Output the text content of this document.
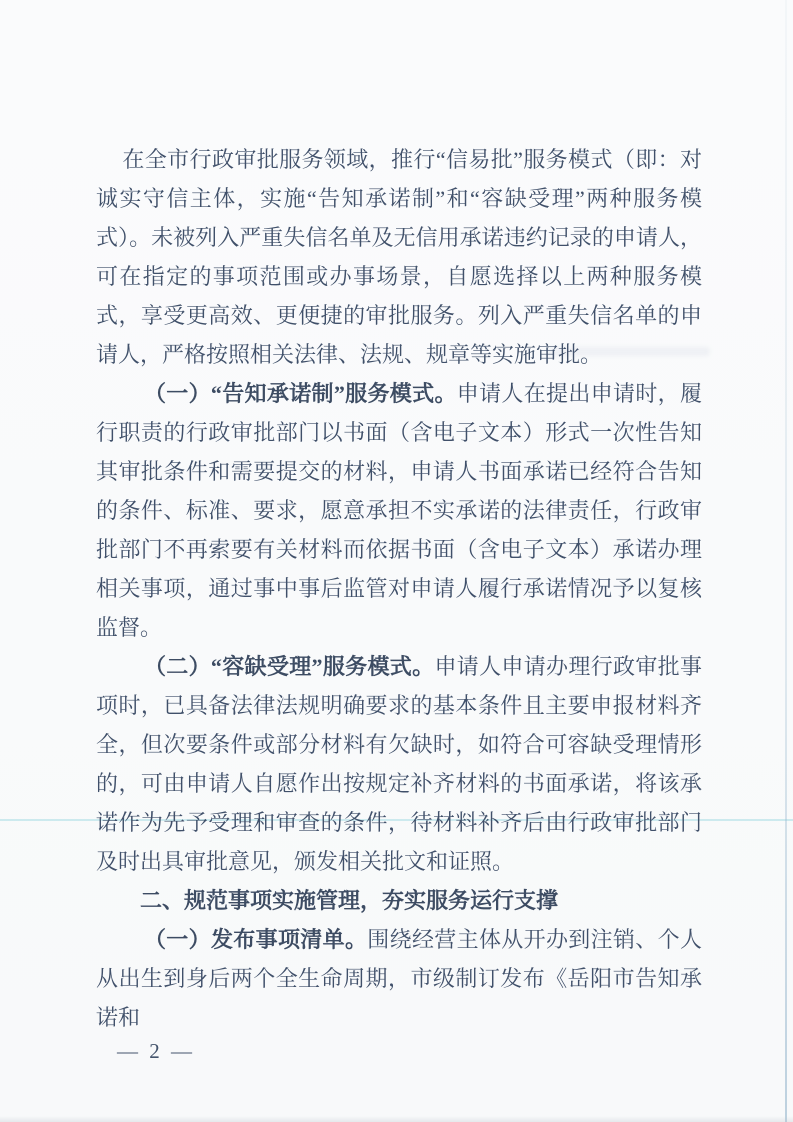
在全市行政审批服务领域，推行“信易批”服务模式（即：对诚实守信主体，实施“告知承诺制”和“容缺受理”两种服务模式）。未被列入严重失信名单及无信用承诺违约记录的申请人，可在指定的事项范围或办事场景，自愿选择以上两种服务模式，享受更高效、更便捷的审批服务。列入严重失信名单的申请人，严格按照相关法律、法规、规章等实施审批。

（一）“告知承诺制”服务模式。申请人在提出申请时，履行职责的行政审批部门以书面（含电子文本）形式一次性告知其审批条件和需要提交的材料，申请人书面承诺已经符合告知的条件、标准、要求，愿意承担不实承诺的法律责任，行政审批部门不再索要有关材料而依据书面（含电子文本）承诺办理相关事项，通过事中事后监管对申请人履行承诺情况予以复核监督。

（二）“容缺受理”服务模式。申请人申请办理行政审批事项时，已具备法律法规明确要求的基本条件且主要申报材料齐全，但次要条件或部分材料有欠缺时，如符合可容缺受理情形的，可由申请人自愿作出按规定补齐材料的书面承诺，将该承诺作为先予受理和审查的条件，待材料补齐后由行政审批部门及时出具审批意见，颁发相关批文和证照。

二、规范事项实施管理，夯实服务运行支撑

（一）发布事项清单。围绕经营主体从开办到注销、个人从出生到身后两个全生命周期，市级制订发布《岳阳市告知承诺和

— 2 —
